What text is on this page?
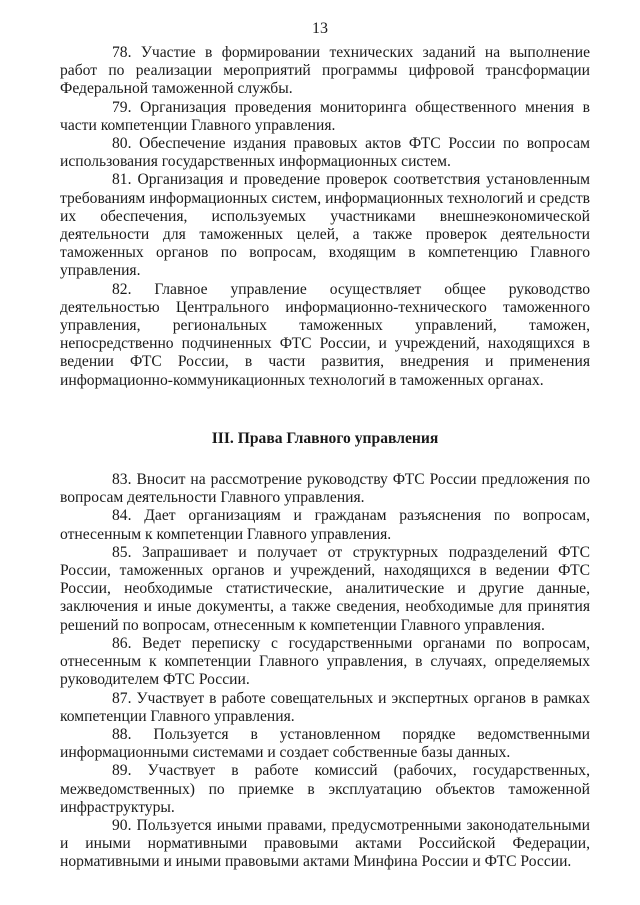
13

78. Участие в формировании технических заданий на выполнение работ по реализации мероприятий программы цифровой трансформации Федеральной таможенной службы.

79. Организация проведения мониторинга общественного мнения в части компетенции Главного управления.

80. Обеспечение издания правовых актов ФТС России по вопросам использования государственных информационных систем.

81. Организация и проведение проверок соответствия установленным требованиям информационных систем, информационных технологий и средств их обеспечения, используемых участниками внешнеэкономической деятельности для таможенных целей, а также проверок деятельности таможенных органов по вопросам, входящим в компетенцию Главного управления.

82. Главное управление осуществляет общее руководство деятельностью Центрального информационно-технического таможенного управления, региональных таможенных управлений, таможен, непосредственно подчиненных ФТС России, и учреждений, находящихся в ведении ФТС России, в части развития, внедрения и применения информационно-коммуникационных технологий в таможенных органах.

III. Права Главного управления

83. Вносит на рассмотрение руководству ФТС России предложения по вопросам деятельности Главного управления.

84. Дает организациям и гражданам разъяснения по вопросам, отнесенным к компетенции Главного управления.

85. Запрашивает и получает от структурных подразделений ФТС России, таможенных органов и учреждений, находящихся в ведении ФТС России, необходимые статистические, аналитические и другие данные, заключения и иные документы, а также сведения, необходимые для принятия решений по вопросам, отнесенным к компетенции Главного управления.

86. Ведет переписку с государственными органами по вопросам, отнесенным к компетенции Главного управления, в случаях, определяемых руководителем ФТС России.

87. Участвует в работе совещательных и экспертных органов в рамках компетенции Главного управления.

88. Пользуется в установленном порядке ведомственными информационными системами и создает собственные базы данных.

89. Участвует в работе комиссий (рабочих, государственных, межведомственных) по приемке в эксплуатацию объектов таможенной инфраструктуры.

90. Пользуется иными правами, предусмотренными законодательными и иными нормативными правовыми актами Российской Федерации, нормативными и иными правовыми актами Минфина России и ФТС России.
